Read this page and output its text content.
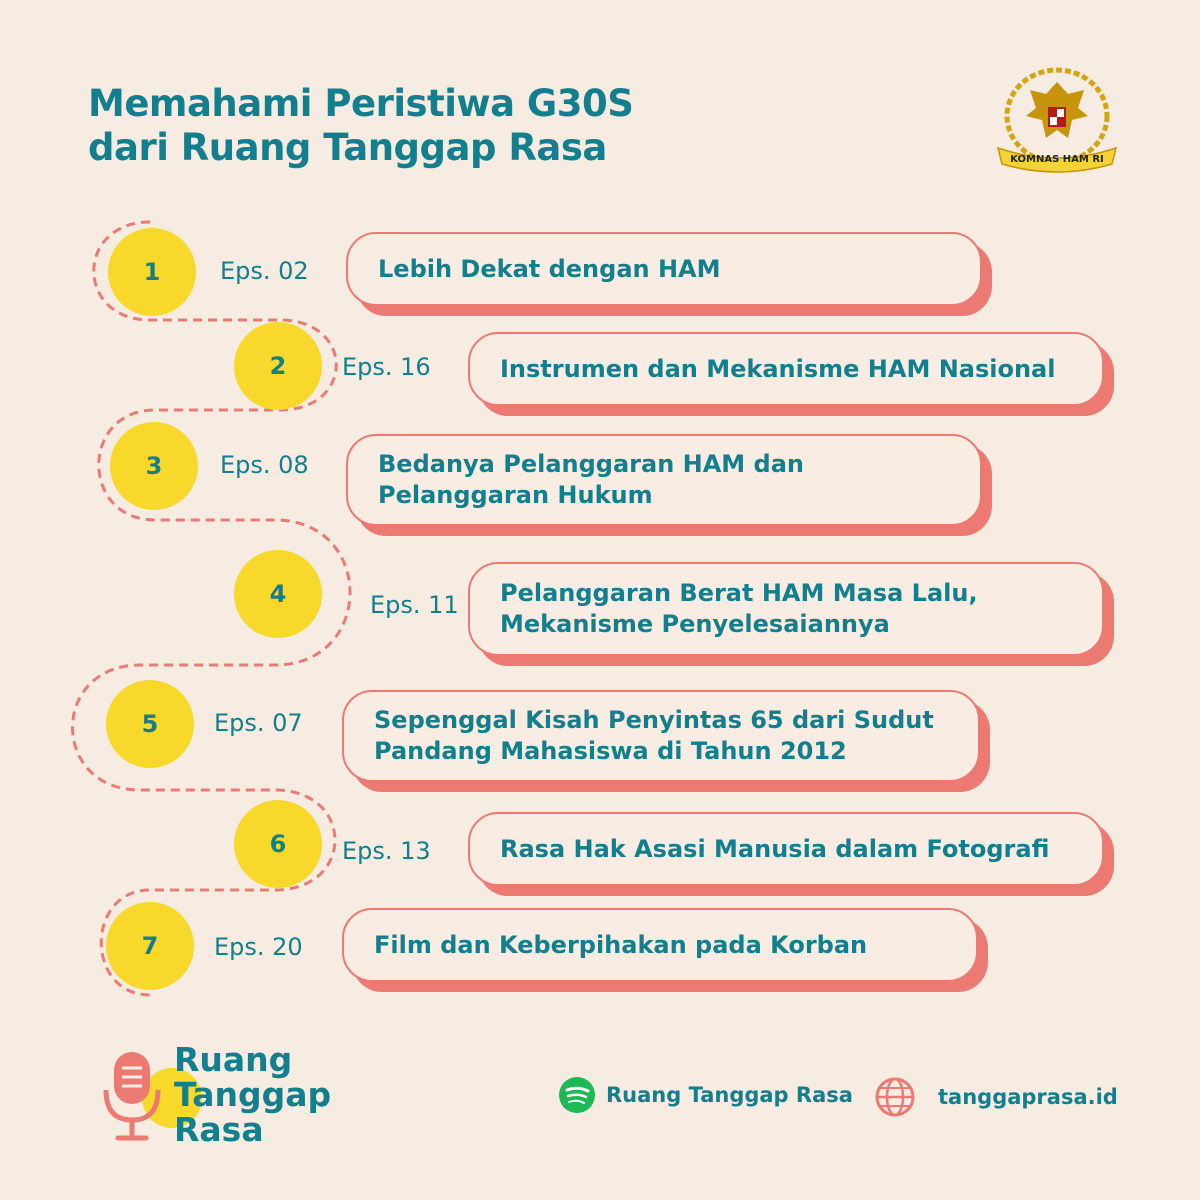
Memahami Peristiwa G30S
dari Ruang Tanggap Rasa	KOMNAS HAM RI
1	Eps. 02	Lebih Dekat dengan HAM
2	Eps. 16	Instrumen dan Mekanisme HAM Nasional
3	Eps. 08	Bedanya Pelanggaran HAM dan Pelanggaran Hukum
4	Eps. 11 Pelanggaran Berat HAM Masa Lalu, Mekanisme Penyelesaiannya
5	Eps. 07	Sepenggal Kisah Penyintas 65 dari Sudut Pandang Mahasiswa di Tahun 2012
6	Eps. 13	Rasa Hak Asasi Manusia dalam Fotografi
7	Eps. 20	Film dan Keberpihakan pada Korban
Ruang
Tanggap
Rasa
Ruang Tanggap Rasa	tanggaprasa.id
